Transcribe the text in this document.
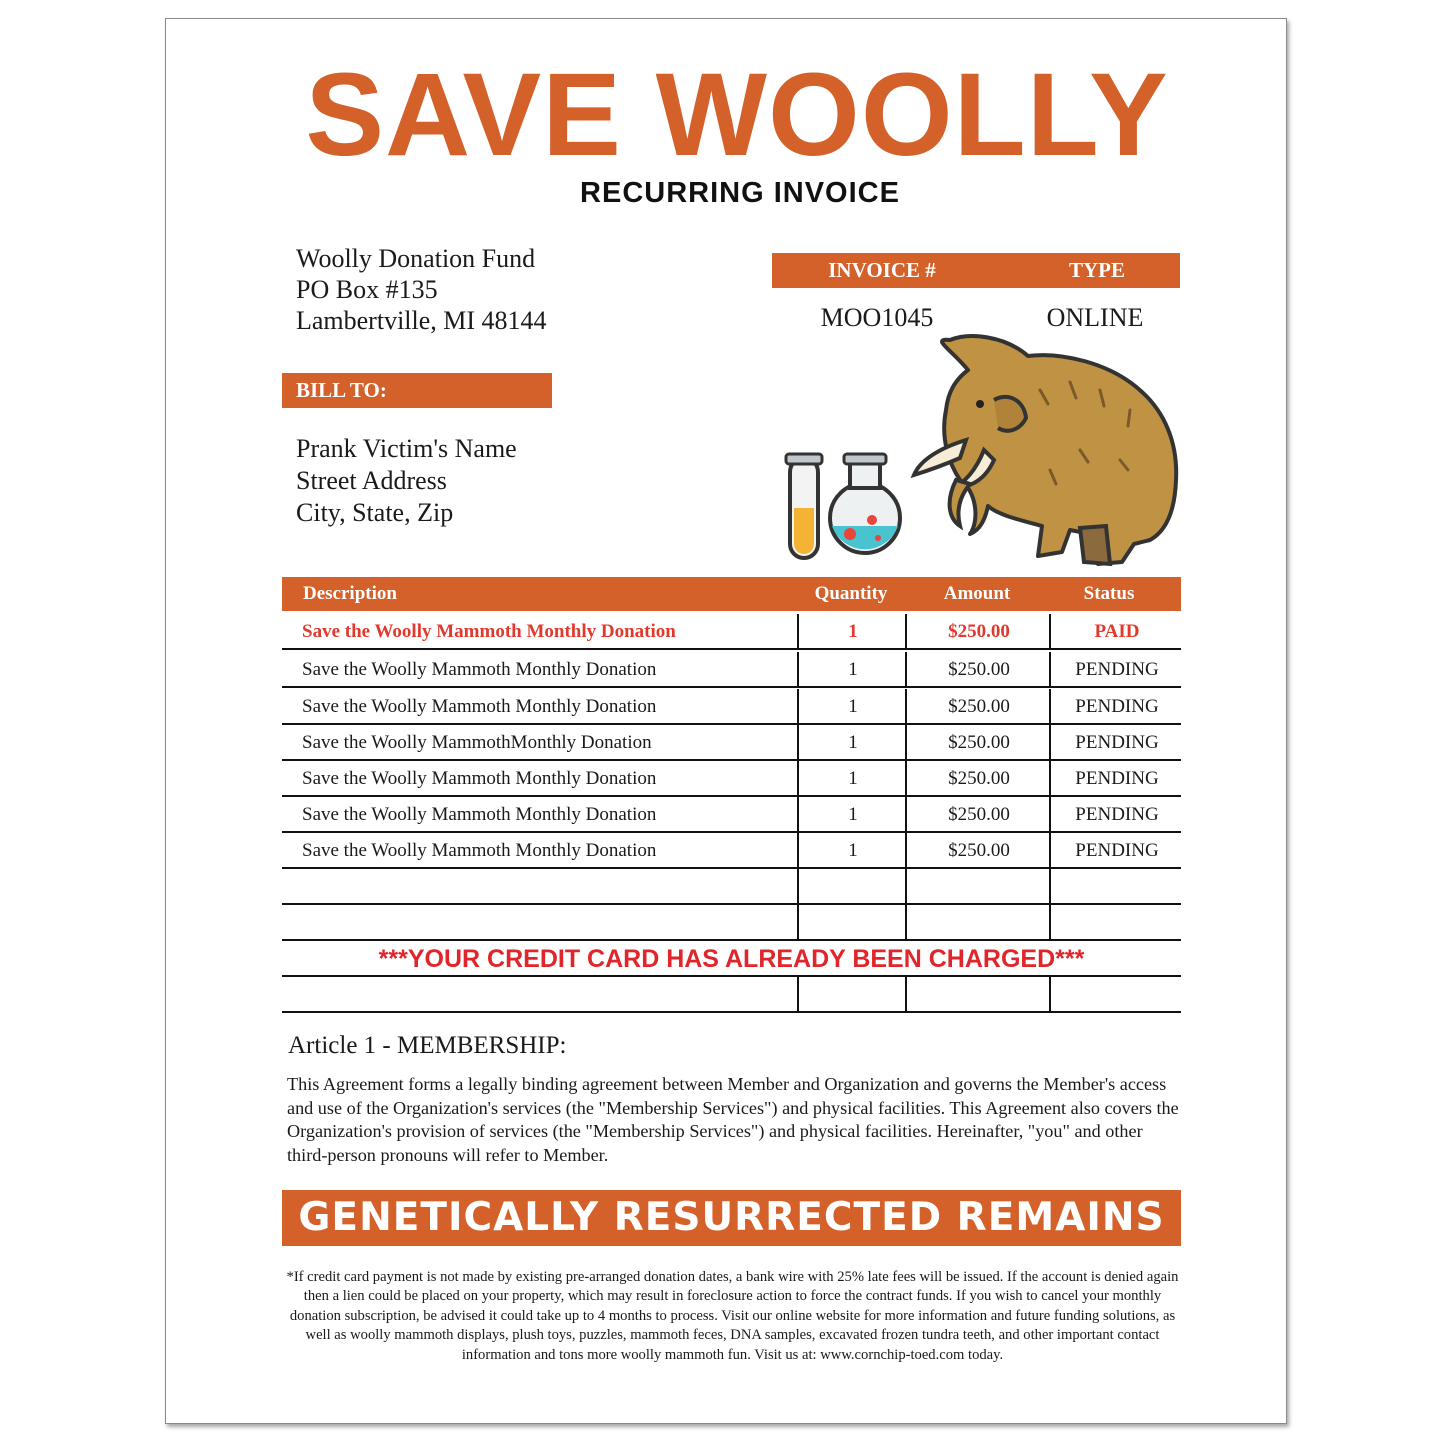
SAVE WOOLLY
RECURRING INVOICE
Woolly Donation Fund
PO Box #135
Lambertville, MI 48144
BILL TO:
Prank Victim's Name
Street Address
City, State, Zip
INVOICE #	TYPE
MOO1045	ONLINE
Description	Quantity	Amount	Status
Save the Woolly Mammoth Monthly Donation	1	$250.00	PAID
Save the Woolly Mammoth Monthly Donation	1	$250.00	PENDING
Save the Woolly Mammoth Monthly Donation	1	$250.00	PENDING
Save the Woolly MammothMonthly Donation	1	$250.00	PENDING
Save the Woolly Mammoth Monthly Donation	1	$250.00	PENDING
Save the Woolly Mammoth Monthly Donation	1	$250.00	PENDING
Save the Woolly Mammoth Monthly Donation	1	$250.00	PENDING
***YOUR CREDIT CARD HAS ALREADY BEEN CHARGED***
Article 1 - MEMBERSHIP:
This Agreement forms a legally binding agreement between Member and Organization and governs the Member's access and use of the Organization's services (the "Membership Services") and physical facilities. This Agreement also covers the Organization's provision of services (the "Membership Services") and physical facilities. Hereinafter, "you" and other third-person pronouns will refer to Member.
GENETICALLY RESURRECTED REMAINS
*If credit card payment is not made by existing pre-arranged donation dates, a bank wire with 25% late fees will be issued. If the account is denied again then a lien could be placed on your property, which may result in foreclosure action to force the contract funds. If you wish to cancel your monthly donation subscription, be advised it could take up to 4 months to process. Visit our online website for more information and future funding solutions, as well as woolly mammoth displays, plush toys, puzzles, mammoth feces, DNA samples, excavated frozen tundra teeth, and other important contact information and tons more woolly mammoth fun. Visit us at: www.cornchip-toed.com today.
